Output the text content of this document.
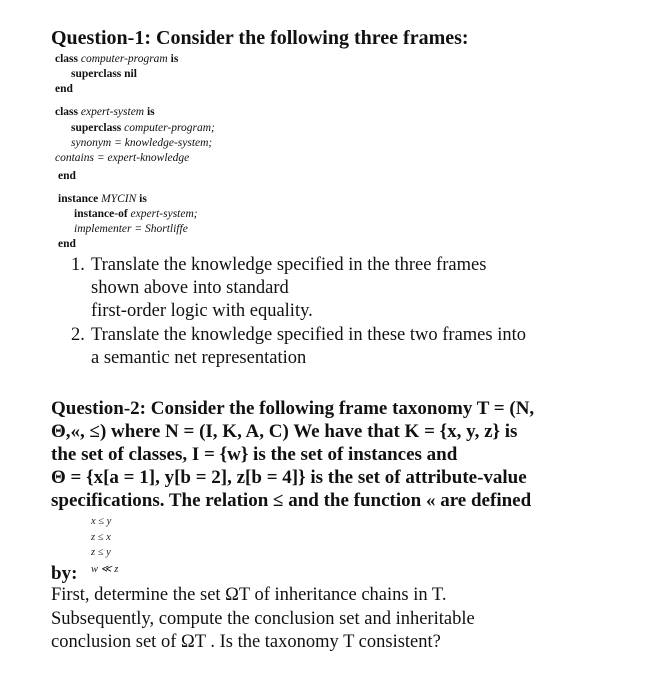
Question-1: Consider the following three frames:
class computer-program is
superclass nil
end
class expert-system is
superclass computer-program;
synonym = knowledge-system;
contains = expert-knowledge
end
instance MYCIN is
instance-of expert-system;
implementer = Shortliffe
end
1. Translate the knowledge specified in the three frames
shown above into standard
first-order logic with equality.
2. Translate the knowledge specified in these two frames into
a semantic net representation
Question-2: Consider the following frame taxonomy T = (N,
Θ,«, ≤) where N = (I, K, A, C) We have that K = {x, y, z} is
the set of classes, I = {w} is the set of instances and
Θ = {x[a = 1], y[b = 2], z[b = 4]} is the set of attribute-value
specifications. The relation ≤ and the function « are defined
x ≤ y
z ≤ x
z ≤ y
w ≪ z
by:
First, determine the set ΩT of inheritance chains in T.
Subsequently, compute the conclusion set and inheritable
conclusion set of ΩT . Is the taxonomy T consistent?
